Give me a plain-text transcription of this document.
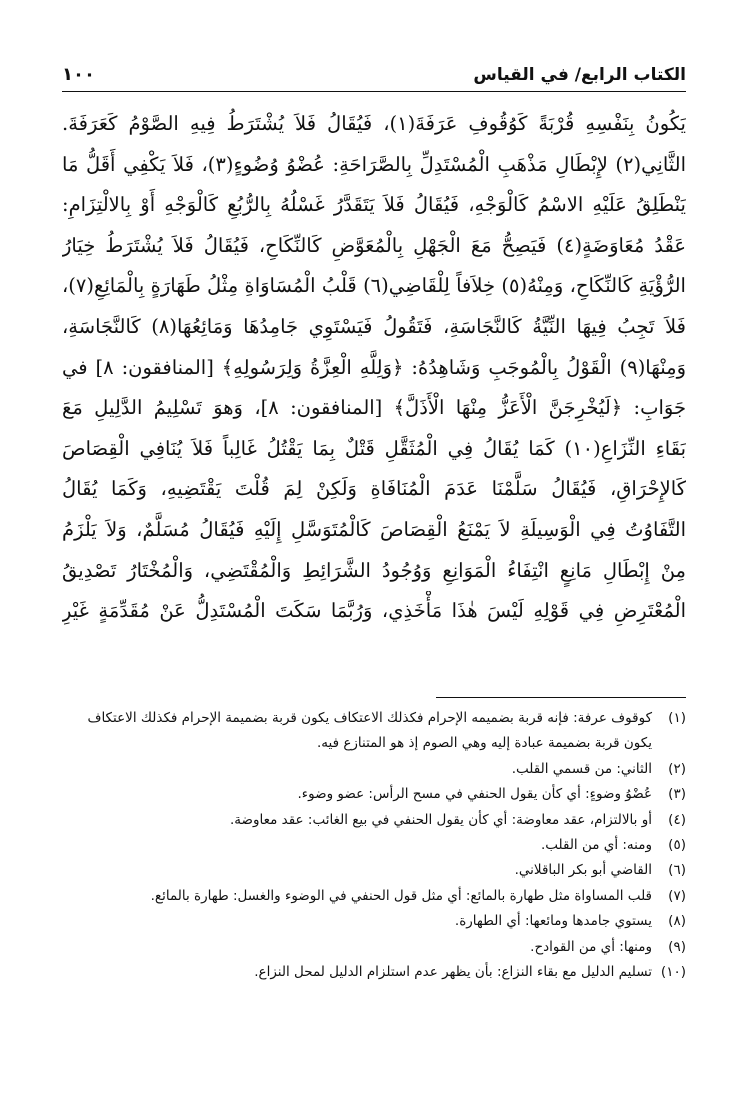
الكتاب الرابع/ في القياس
١٠٠
يَكُونُ بِنَفْسِهِ قُرْبَةً كَوُقُوفِ عَرَفَةَ(١)، فَيُقَالُ فَلاَ يُشْتَرَطُ فِيهِ الصَّوْمُ كَعَرَفَةَ.
الثَّانِي(٢) لإِبْطَالِ مَذْهَبِ الْمُسْتَدِلِّ بِالصَّرَاحَةِ: عُضْوُ وُضُوءٍ(٣)، فَلاَ يَكْفِي أَقَلُّ مَا
يَنْطَلِقُ عَلَيْهِ الاسْمُ كَالْوَجْهِ، فَيُقَالُ فَلاَ يَتَقَدَّرُ غَسْلُهُ بِالرُّبُعِ كَالْوَجْهِ أَوْ بِالالْتِزَامِ:
عَقْدُ مُعَاوَضَةٍ(٤) فَيَصِحُّ مَعَ الْجَهْلِ بِالْمُعَوَّضِ كَالنِّكَاحِ، فَيُقَالُ فَلاَ يُشْتَرَطُ خِيَارُ
الرُّؤْيَةِ كَالنِّكَاحِ، وَمِنْهُ(٥) خِلاَفاً لِلْقَاضِي(٦) قَلْبُ الْمُسَاوَاةِ مِثْلُ طَهَارَةٍ بِالْمَائِعِ(٧)،
فَلاَ تَجِبُ فِيهَا النِّيَّةُ كَالنَّجَاسَةِ، فَتَقُولُ فَيَسْتَوِي جَامِدُهَا وَمَائِعُهَا(٨) كَالنَّجَاسَةِ،
وَمِنْهَا(٩) الْقَوْلُ بِالْمُوجَبِ وَشَاهِدُهُ: ﴿وَلِلَّهِ الْعِزَّةُ وَلِرَسُولِهِ﴾ [المنافقون: ٨] في
جَوَابِ: ﴿لَيُخْرِجَنَّ الْأَعَزُّ مِنْهَا الْأَذَلَّ﴾ [المنافقون: ٨]، وَهوَ تَسْلِيمُ الدَّلِيلِ مَعَ
بَقَاءِ النِّزَاعِ(١٠) كَمَا يُقَالُ فِي الْمُثَقَّلِ قَتْلٌ بِمَا يَقْتُلُ غَالِباً فَلاَ يُنَافِي الْقِصَاصَ
كَالإِحْرَاقِ، فَيُقَالُ سَلَّمْنَا عَدَمَ الْمُنَافَاةِ وَلَكِنْ لِمَ قُلْتَ يَقْتَضِيهِ، وَكَمَا يُقَالُ
التَّفَاوُتُ فِي الْوَسِيلَةِ لاَ يَمْنَعُ الْقِصَاصَ كَالْمُتَوَسَّلِ إِلَيْهِ فَيُقَالُ مُسَلَّمٌ، وَلاَ يَلْزَمُ
مِنْ إِبْطَالِ مَانِعٍ انْتِفَاءُ الْمَوَانِعِ وَوُجُودُ الشَّرَائِطِ وَالْمُقْتَضِي، وَالْمُخْتَارُ تَصْدِيقُ
الْمُعْتَرِضِ فِي قَوْلِهِ لَيْسَ هٰذَا مَأْخَذِي، وَرُبَّمَا سَكَتَ الْمُسْتَدِلُّ عَنْ مُقَدِّمَةٍ غَيْرِ
(١)
كوقوف عرفة: فإنه قربة بضميمه الإحرام فكذلك الاعتكاف يكون قربة بضميمة الإحرام فكذلك الاعتكاف يكون قربة بضميمة عبادة إليه وهي الصوم إذ هو المتنازع فيه.
(٢)
الثاني: من قسمي القلب.
(٣)
عُضْوُ وضوءٍ: أي كأن يقول الحنفي في مسح الرأس: عضو وضوء.
(٤)
أو بالالتزام، عقد معاوضة: أي كأن يقول الحنفي في بيع الغائب: عقد معاوضة.
(٥)
ومنه: أي من القلب.
(٦)
القاضي أبو بكر الباقلاني.
(٧)
قلب المساواة مثل طهارة بالمائع: أي مثل قول الحنفي في الوضوء والغسل: طهارة بالمائع.
(٨)
يستوي جامدها ومائعها: أي الطهارة.
(٩)
ومنها: أي من القوادح.
(١٠)
تسليم الدليل مع بقاء النزاع: بأن يظهر عدم استلزام الدليل لمحل النزاع.
